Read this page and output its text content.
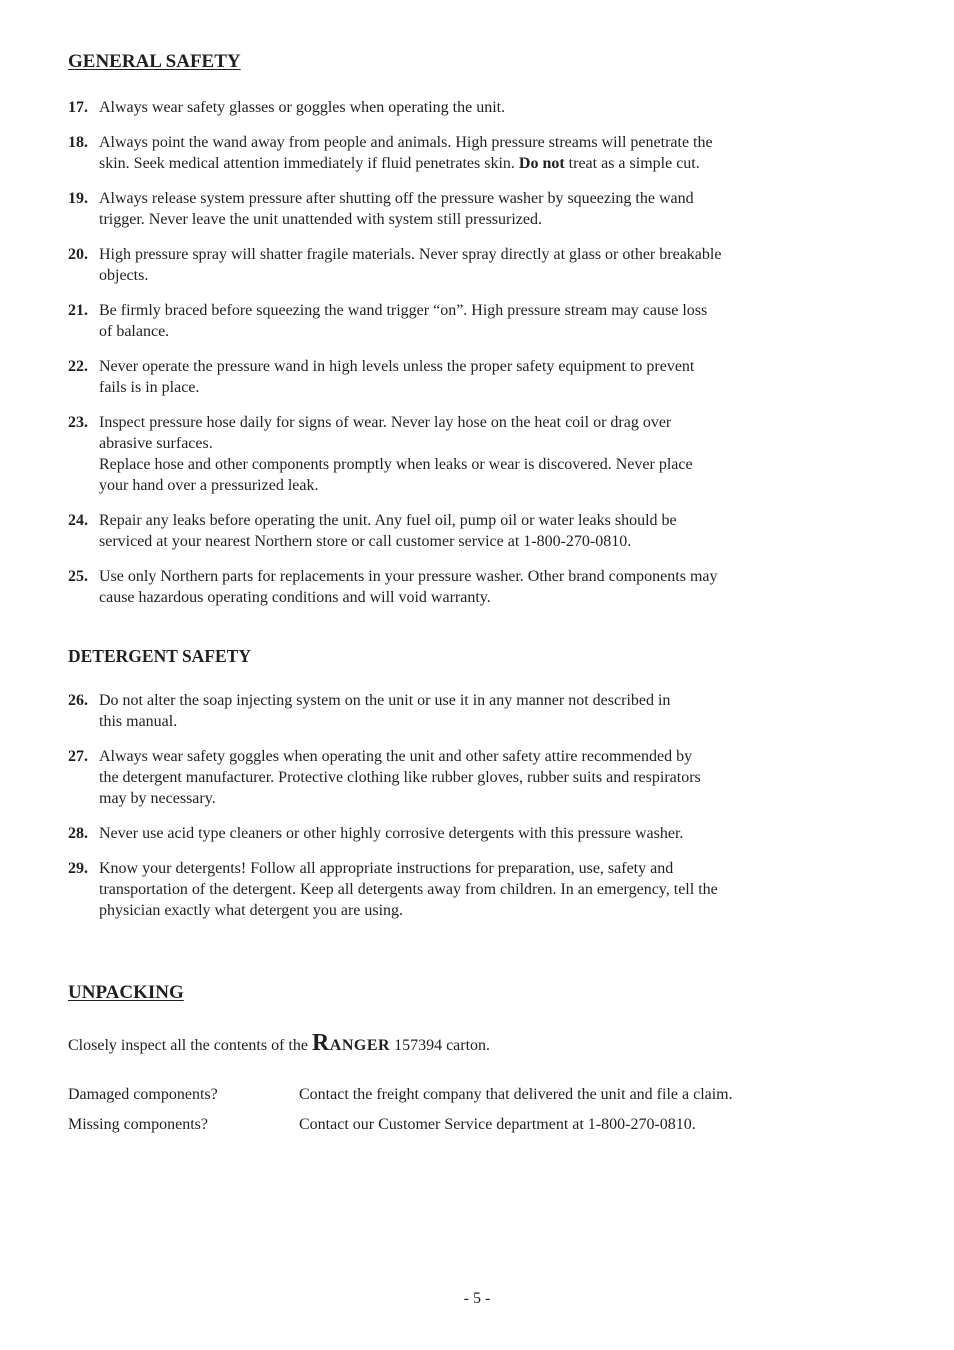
GENERAL SAFETY
17. Always wear safety glasses or goggles when operating the unit.
18. Always point the wand away from people and animals. High pressure streams will penetrate the
skin. Seek medical attention immediately if fluid penetrates skin. Do not treat as a simple cut.
19. Always release system pressure after shutting off the pressure washer by squeezing the wand
trigger. Never leave the unit unattended with system still pressurized.
20. High pressure spray will shatter fragile materials. Never spray directly at glass or other breakable
objects.
21. Be firmly braced before squeezing the wand trigger “on”. High pressure stream may cause loss
of balance.
22. Never operate the pressure wand in high levels unless the proper safety equipment to prevent
fails is in place.
23. Inspect pressure hose daily for signs of wear. Never lay hose on the heat coil or drag over
abrasive surfaces.
Replace hose and other components promptly when leaks or wear is discovered. Never place
your hand over a pressurized leak.
24. Repair any leaks before operating the unit. Any fuel oil, pump oil or water leaks should be
serviced at your nearest Northern store or call customer service at 1-800-270-0810.
25. Use only Northern parts for replacements in your pressure washer. Other brand components may
cause hazardous operating conditions and will void warranty.
DETERGENT SAFETY
26. Do not alter the soap injecting system on the unit or use it in any manner not described in
this manual.
27. Always wear safety goggles when operating the unit and other safety attire recommended by
the detergent manufacturer. Protective clothing like rubber gloves, rubber suits and respirators
may by necessary.
28. Never use acid type cleaners or other highly corrosive detergents with this pressure washer.
29. Know your detergents! Follow all appropriate instructions for preparation, use, safety and
transportation of the detergent. Keep all detergents away from children. In an emergency, tell the
physician exactly what detergent you are using.
UNPACKING
Closely inspect all the contents of the RANGER 157394 carton.
Damaged components?	Contact the freight company that delivered the unit and file a claim.
Missing components?	Contact our Customer Service department at 1-800-270-0810.
- 5 -
